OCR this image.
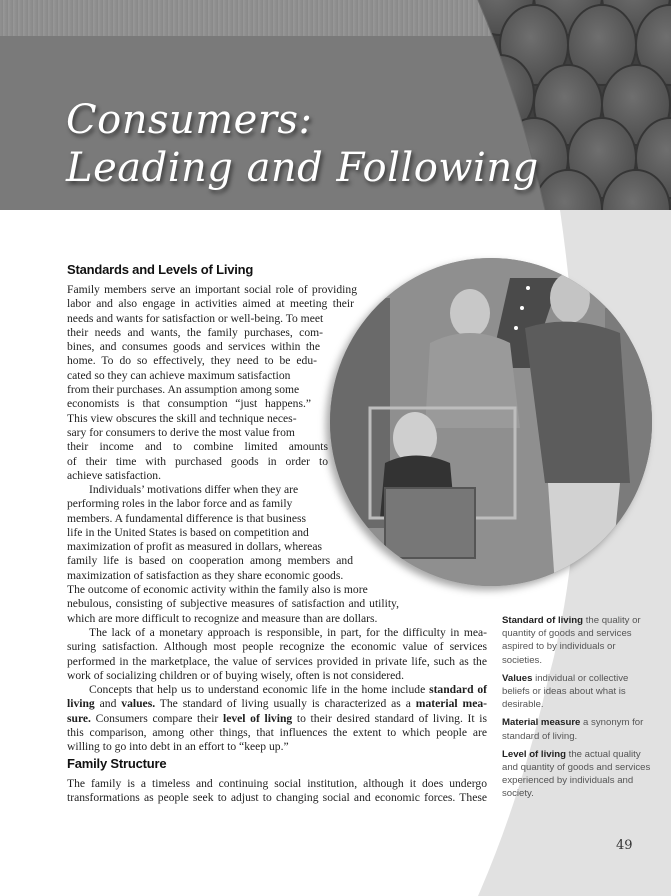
Consumers:
Leading and Following
Standards and Levels of Living
Family members serve an important social role of providing
labor and also engage in activities aimed at meeting their
needs and wants for satisfaction or well-being. To meet
their needs and wants, the family purchases, com-
bines, and consumes goods and services within the
home. To do so effectively, they need to be edu-
cated so they can achieve maximum satisfaction
from their purchases. An assumption among some
economists is that consumption “just happens.”
This view obscures the skill and technique neces-
sary for consumers to derive the most value from
their income and to combine limited amounts
of their time with purchased goods in order to
achieve satisfaction.
Individuals’ motivations differ when they are
performing roles in the labor force and as family
members. A fundamental difference is that business
life in the United States is based on competition and
maximization of profit as measured in dollars, whereas
family life is based on cooperation among members and
maximization of satisfaction as they share economic goods.
The outcome of economic activity within the family also is more
nebulous, consisting of subjective measures of satisfaction and utility,
which are more difficult to recognize and measure than are dollars.
The lack of a monetary approach is responsible, in part, for the difficulty in mea-
suring satisfaction. Although most people recognize the economic value of services
performed in the marketplace, the value of services provided in private life, such as the
work of socializing children or of buying wisely, often is not considered.
Concepts that help us to understand economic life in the home include standard of
living and values. The standard of living usually is characterized as a material mea-
sure. Consumers compare their level of living to their desired standard of living. It is
this comparison, among other things, that influences the extent to which people are
willing to go into debt in an effort to “keep up.”
Family Structure
The family is a timeless and continuing social institution, although it does undergo
transformations as people seek to adjust to changing social and economic forces. These
Standard of living the quality or quantity of goods and services aspired to by individuals or societies.
Values individual or collective beliefs or ideas about what is desirable.
Material measure a synonym for standard of living.
Level of living the actual quality and quantity of goods and services experienced by individuals and society.
49
